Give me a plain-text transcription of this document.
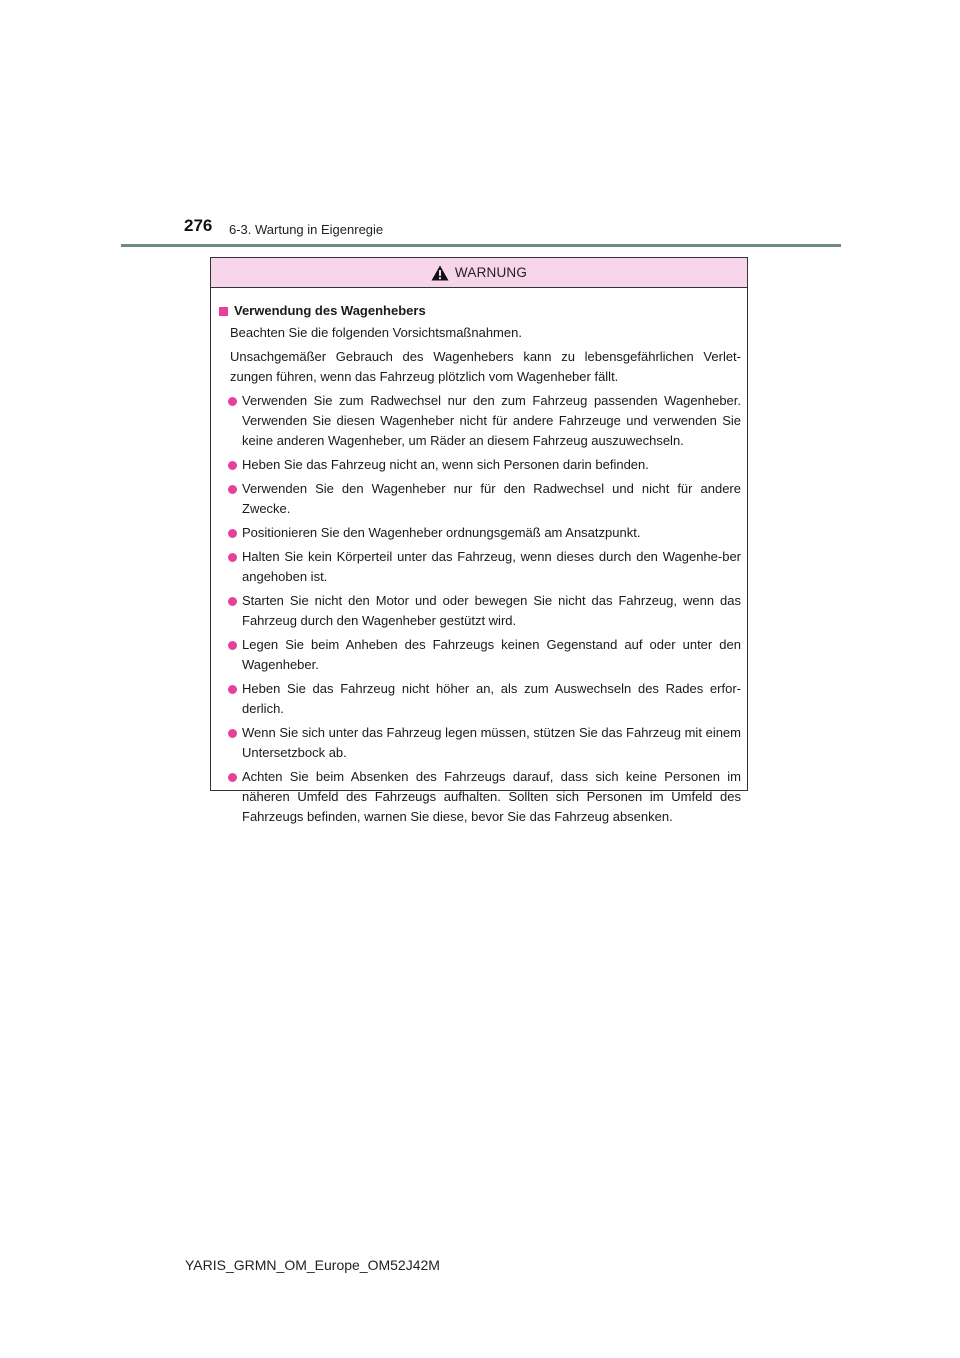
276 6-3. Wartung in Eigenregie
WARNUNG
Verwendung des Wagenhebers
Beachten Sie die folgenden Vorsichtsmaßnahmen.
Unsachgemäßer Gebrauch des Wagenhebers kann zu lebensgefährlichen Verlet-zungen führen, wenn das Fahrzeug plötzlich vom Wagenheber fällt.
Verwenden Sie zum Radwechsel nur den zum Fahrzeug passenden Wagenheber. Verwenden Sie diesen Wagenheber nicht für andere Fahrzeuge und verwenden Sie keine anderen Wagenheber, um Räder an diesem Fahrzeug auszuwechseln.
Heben Sie das Fahrzeug nicht an, wenn sich Personen darin befinden.
Verwenden Sie den Wagenheber nur für den Radwechsel und nicht für andere Zwecke.
Positionieren Sie den Wagenheber ordnungsgemäß am Ansatzpunkt.
Halten Sie kein Körperteil unter das Fahrzeug, wenn dieses durch den Wagenhe-ber angehoben ist.
Starten Sie nicht den Motor und oder bewegen Sie nicht das Fahrzeug, wenn das Fahrzeug durch den Wagenheber gestützt wird.
Legen Sie beim Anheben des Fahrzeugs keinen Gegenstand auf oder unter den Wagenheber.
Heben Sie das Fahrzeug nicht höher an, als zum Auswechseln des Rades erfor-derlich.
Wenn Sie sich unter das Fahrzeug legen müssen, stützen Sie das Fahrzeug mit einem Untersetzbock ab.
Achten Sie beim Absenken des Fahrzeugs darauf, dass sich keine Personen im näheren Umfeld des Fahrzeugs aufhalten. Sollten sich Personen im Umfeld des Fahrzeugs befinden, warnen Sie diese, bevor Sie das Fahrzeug absenken.
YARIS_GRMN_OM_Europe_OM52J42M
